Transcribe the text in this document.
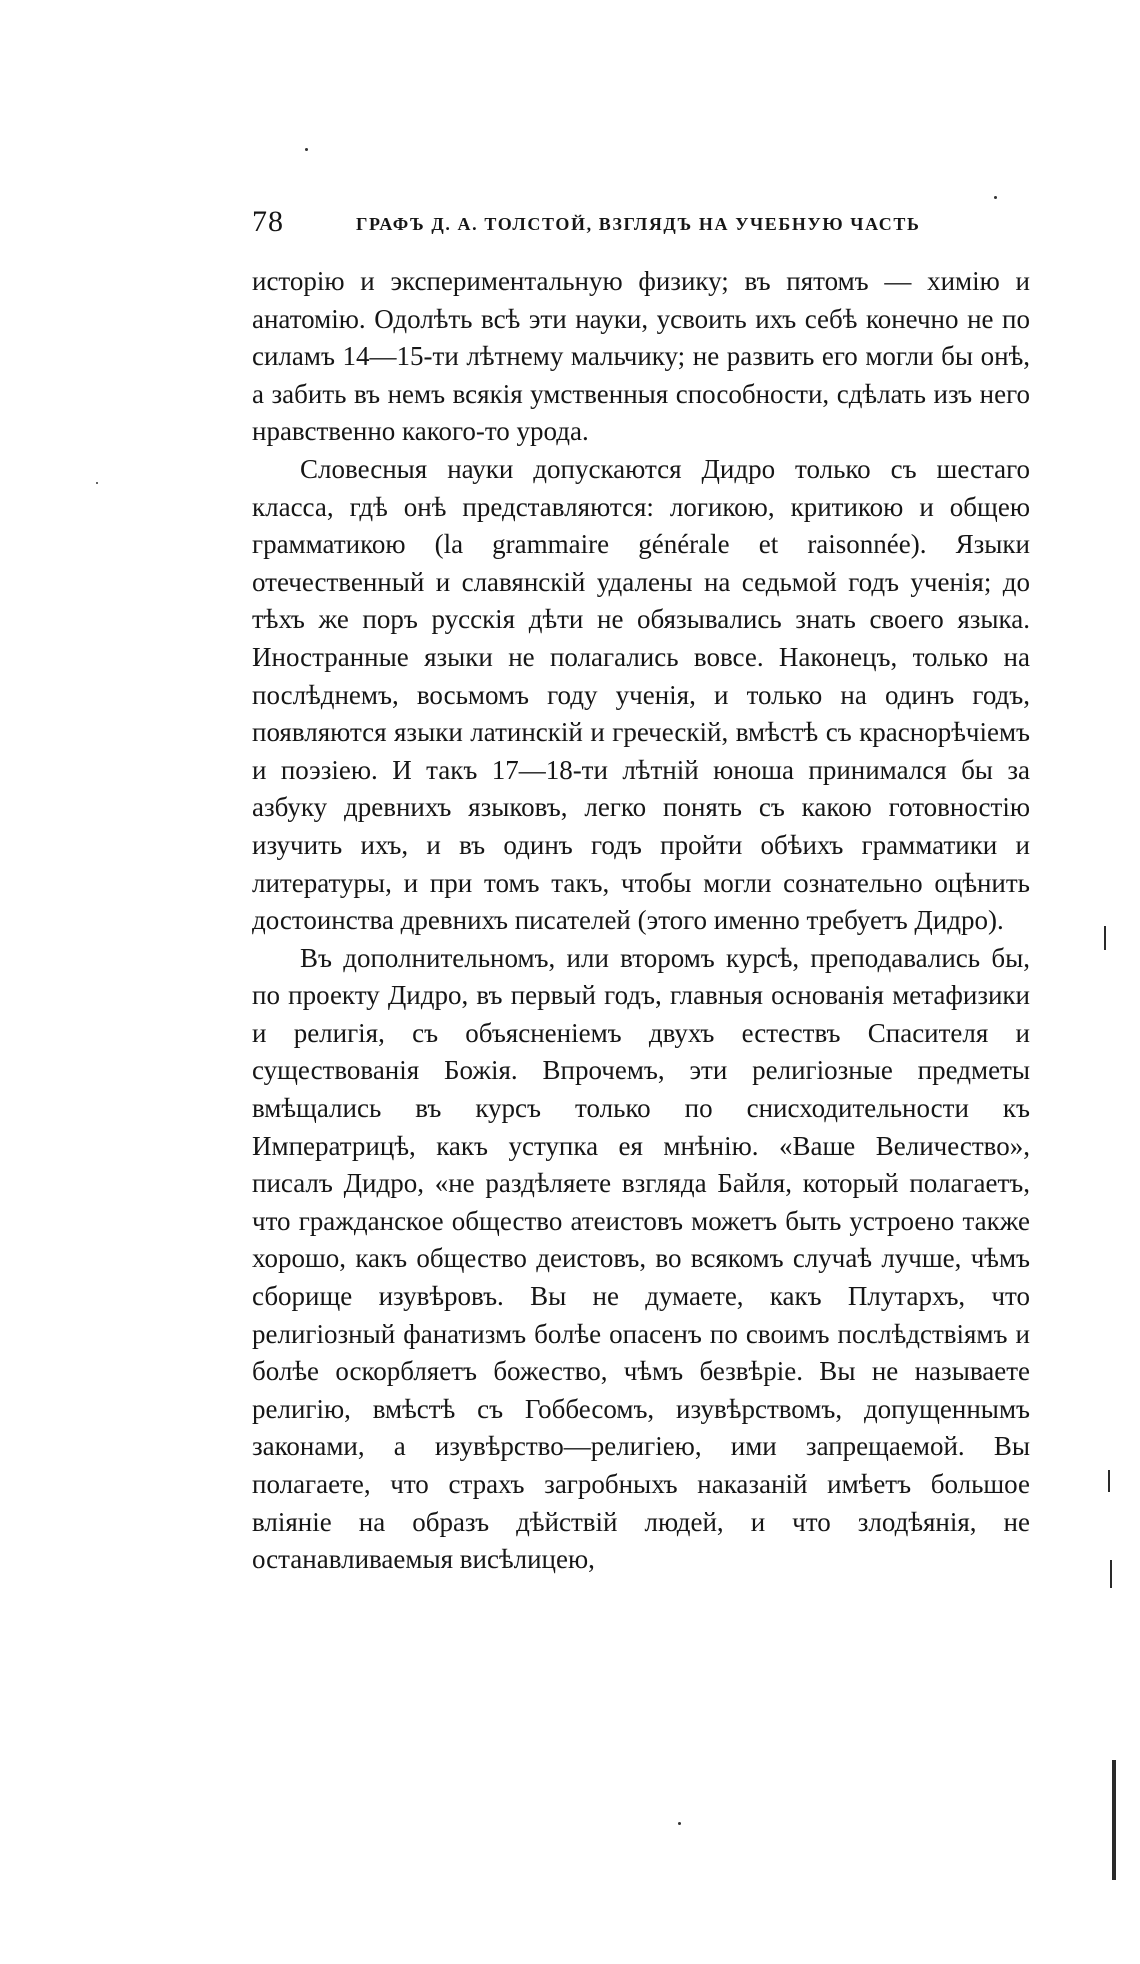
78	ГРАФЪ Д. А. ТОЛСТОЙ, ВЗГЛЯДЪ НА УЧЕБНУЮ ЧАСТЬ

исторію и экспериментальную физику; въ пятомъ — химію и анатомію. Одолѣть всѣ эти науки, усвоить ихъ себѣ конечно не по силамъ 14—15-ти лѣтнему мальчику; не развить его могли бы онѣ, а забить въ немъ всякія умственныя способности, сдѣлать изъ него нравственно какого-то урода.

Словесныя науки допускаются Дидро только съ шестаго класса, гдѣ онѣ представляются: логикою, критикою и общею грамматикою (la grammaire générale et raisonnée). Языки отечественный и славянскій удалены на седьмой годъ ученія; до тѣхъ же поръ русскія дѣти не обязывались знать своего языка. Иностранные языки не полагались вовсе. Наконецъ, только на послѣднемъ, восьмомъ году ученія, и только на одинъ годъ, появляются языки латинскій и греческій, вмѣстѣ съ краснорѣчіемъ и поэзіею. И такъ 17—18-ти лѣтній юноша принимался бы за азбуку древнихъ языковъ, легко понять съ какою готовностію изучить ихъ, и въ одинъ годъ пройти обѣихъ грамматики и литературы, и при томъ такъ, чтобы могли сознательно оцѣнить достоинства древнихъ писателей (этого именно требуетъ Дидро).

Въ дополнительномъ, или второмъ курсѣ, преподавались бы, по проекту Дидро, въ первый годъ, главныя основанія метафизики и религія, съ объясненіемъ двухъ естествъ Спасителя и существованія Божія. Впрочемъ, эти религіозные предметы вмѣщались въ курсъ только по снисходительности къ Императрицѣ, какъ уступка ея мнѣнію. «Ваше Величество», писалъ Дидро, «не раздѣляете взгляда Байля, который полагаетъ, что гражданское общество атеистовъ можетъ быть устроено также хорошо, какъ общество деистовъ, во всякомъ случаѣ лучше, чѣмъ сборище изувѣровъ. Вы не думаете, какъ Плутархъ, что религіозный фанатизмъ болѣе опасенъ по своимъ послѣдствіямъ и болѣе оскорбляетъ божество, чѣмъ безвѣріе. Вы не называете религію, вмѣстѣ съ Гоббесомъ, изувѣрствомъ, допущеннымъ законами, а изувѣрство—религіею, ими запрещаемой. Вы полагаете, что страхъ загробныхъ наказаній имѣетъ большое вліяніе на образъ дѣйствій людей, и что злодѣянія, не останавливаемыя висѣлицею,
